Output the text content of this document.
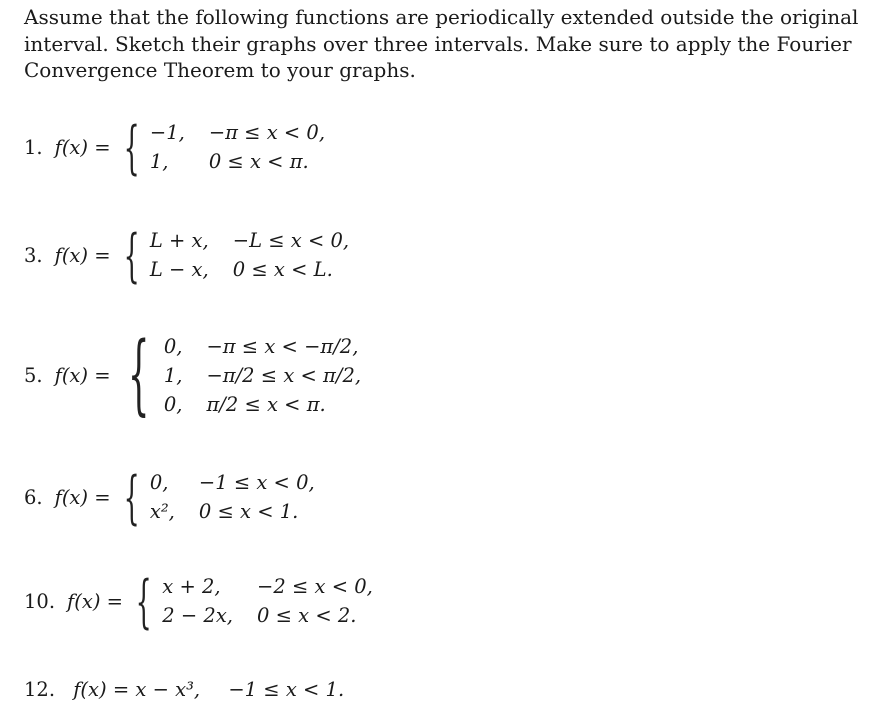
Assume that the following functions are periodically extended outside the original interval. Sketch their graphs over three intervals. Make sure to apply the Fourier Convergence Theorem to your graphs.

1. f(x) = { −1,	−π ≤ x < 0,
1,	0 ≤ x < π.
3. f(x) = { L + x,	−L ≤ x < 0,
L − x,	0 ≤ x < L.
5. f(x) = { 0,	−π ≤ x < −π/2,
1,	−π/2 ≤ x < π/2,
0,	π/2 ≤ x < π.
6. f(x) = { 0,	−1 ≤ x < 0,
x²,	0 ≤ x < 1.
10. f(x) = { x + 2,	−2 ≤ x < 0,
2 − 2x,	0 ≤ x < 2.
12. f(x) = x − x³, −1 ≤ x < 1.
